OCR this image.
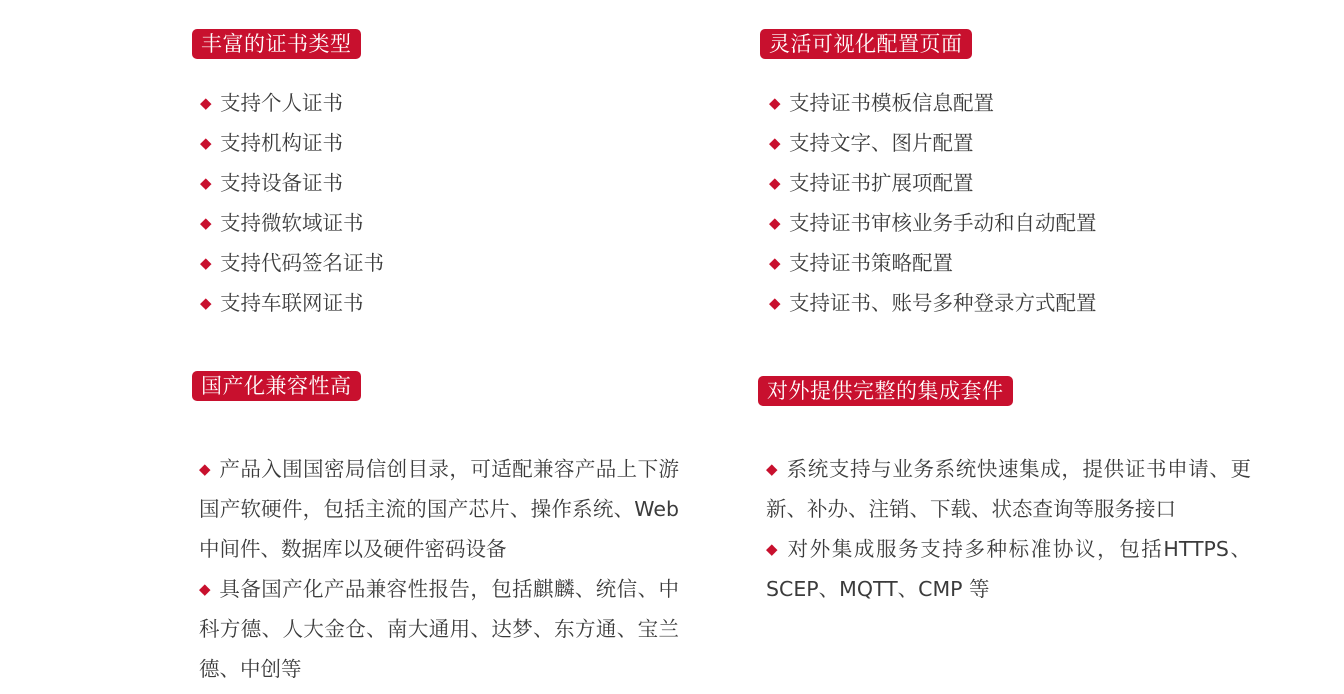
丰富的证书类型
◆ 支持个人证书
◆ 支持机构证书
◆ 支持设备证书
◆ 支持微软域证书
◆ 支持代码签名证书
◆ 支持车联网证书
灵活可视化配置页面
◆ 支持证书模板信息配置
◆ 支持文字、图片配置
◆ 支持证书扩展项配置
◆ 支持证书审核业务手动和自动配置
◆ 支持证书策略配置
◆ 支持证书、账号多种登录方式配置
国产化兼容性高

◆ 产品入围国密局信创目录，可适配兼容产品上下游国产软硬件，包括主流的国产芯片、操作系统、Web 中间件、数据库以及硬件密码设备

◆ 具备国产化产品兼容性报告，包括麒麟、统信、中科方德、人大金仓、南大通用、达梦、东方通、宝兰德、中创等

对外提供完整的集成套件

◆ 系统支持与业务系统快速集成，提供证书申请、更新、补办、注销、下载、状态查询等服务接口

◆ 对外集成服务支持多种标准协议，包括HTTPS、SCEP、MQTT、CMP 等
